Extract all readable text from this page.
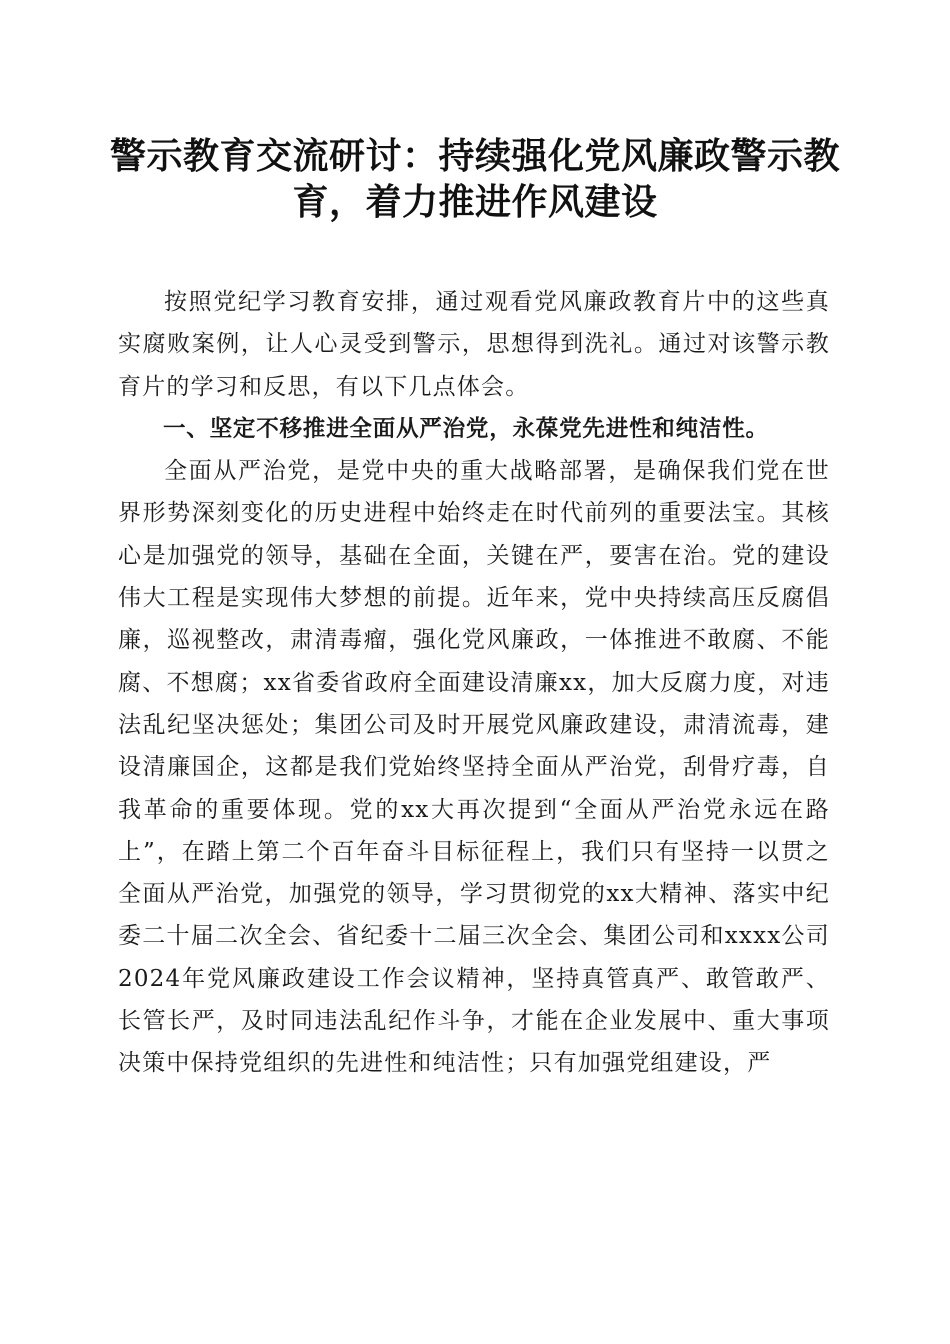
警示教育交流研讨：持续强化党风廉政警示教育，着力推进作风建设

按照党纪学习教育安排，通过观看党风廉政教育片中的这些真实腐败案例，让人心灵受到警示，思想得到洗礼。通过对该警示教育片的学习和反思，有以下几点体会。

一、坚定不移推进全面从严治党，永葆党先进性和纯洁性。

全面从严治党，是党中央的重大战略部署，是确保我们党在世界形势深刻变化的历史进程中始终走在时代前列的重要法宝。其核心是加强党的领导，基础在全面，关键在严，要害在治。党的建设伟大工程是实现伟大梦想的前提。近年来，党中央持续高压反腐倡廉，巡视整改，肃清毒瘤，强化党风廉政，一体推进不敢腐、不能腐、不想腐；xx省委省政府全面建设清廉xx，加大反腐力度，对违法乱纪坚决惩处；集团公司及时开展党风廉政建设，肃清流毒，建设清廉国企，这都是我们党始终坚持全面从严治党，刮骨疗毒，自我革命的重要体现。党的xx大再次提到“全面从严治党永远在路上”，在踏上第二个百年奋斗目标征程上，我们只有坚持一以贯之全面从严治党，加强党的领导，学习贯彻党的xx大精神、落实中纪委二十届二次全会、省纪委十二届三次全会、集团公司和xxxx公司2024年党风廉政建设工作会议精神，坚持真管真严、敢管敢严、长管长严，及时同违法乱纪作斗争，才能在企业发展中、重大事项决策中保持党组织的先进性和纯洁性；只有加强党组建设，严
